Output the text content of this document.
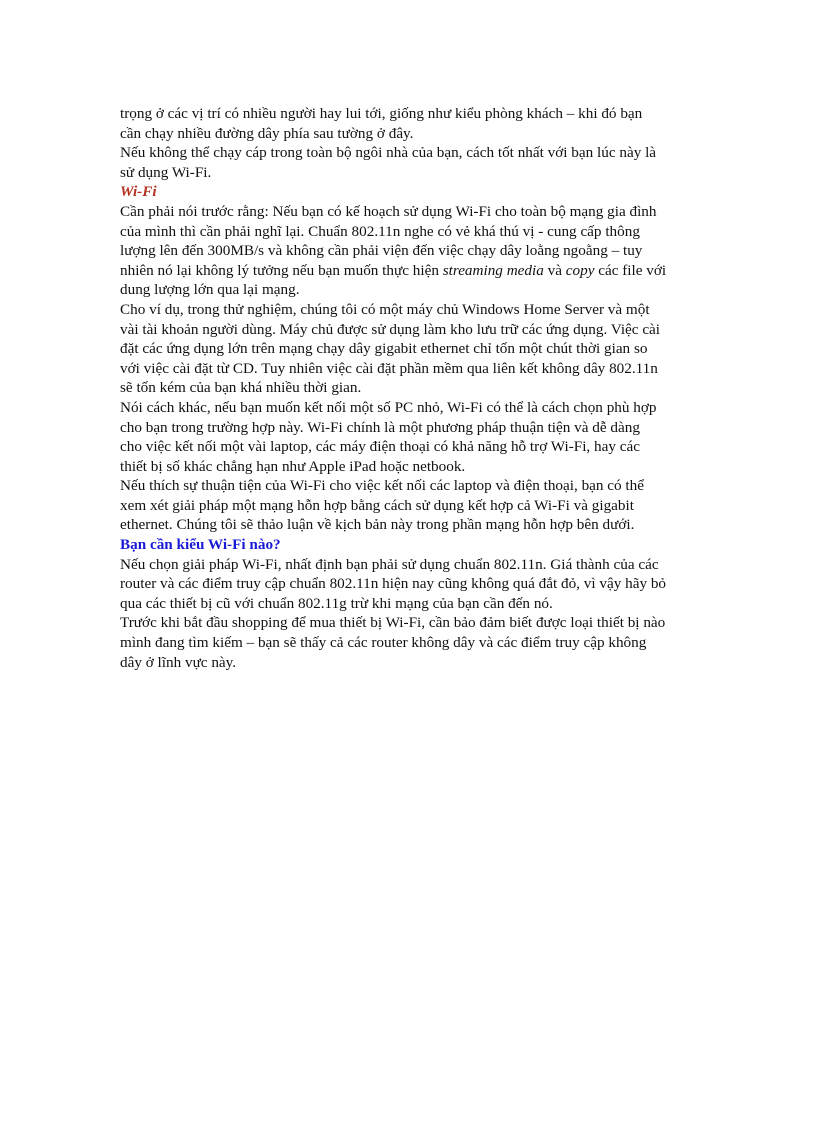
trọng ở các vị trí có nhiều người hay lui tới, giống như kiểu phòng khách – khi đó bạn
cần chạy nhiều đường dây phía sau tường ở đây.

Nếu không thể chạy cáp trong toàn bộ ngôi nhà của bạn, cách tốt nhất với bạn lúc này là
sử dụng Wi-Fi.

Wi-Fi

Cần phải nói trước rằng: Nếu bạn có kế hoạch sử dụng Wi-Fi cho toàn bộ mạng gia đình
của mình thì cần phải nghĩ lại. Chuẩn 802.11n nghe có vẻ khá thú vị - cung cấp thông
lượng lên đến 300MB/s và không cần phải viện đến việc chạy dây loằng ngoằng – tuy
nhiên nó lại không lý tưởng nếu bạn muốn thực hiện streaming media và copy các file với
dung lượng lớn qua lại mạng.

Cho ví dụ, trong thử nghiệm, chúng tôi có một máy chủ Windows Home Server và một
vài tài khoản người dùng. Máy chủ được sử dụng làm kho lưu trữ các ứng dụng. Việc cài
đặt các ứng dụng lớn trên mạng chạy dây gigabit ethernet chỉ tốn một chút thời gian so
với việc cài đặt từ CD. Tuy nhiên việc cài đặt phần mềm qua liên kết không dây 802.11n
sẽ tốn kém của bạn khá nhiều thời gian.

Nói cách khác, nếu bạn muốn kết nối một số PC nhỏ, Wi-Fi có thể là cách chọn phù hợp
cho bạn trong trường hợp này. Wi-Fi chính là một phương pháp thuận tiện và dễ dàng
cho việc kết nối một vài laptop, các máy điện thoại có khả năng hỗ trợ Wi-Fi, hay các
thiết bị số khác chẳng hạn như Apple iPad hoặc netbook.

Nếu thích sự thuận tiện của Wi-Fi cho việc kết nối các laptop và điện thoại, bạn có thể
xem xét giải pháp một mạng hỗn hợp bằng cách sử dụng kết hợp cả Wi-Fi và gigabit
ethernet. Chúng tôi sẽ thảo luận về kịch bản này trong phần mạng hỗn hợp bên dưới.

Bạn cần kiểu Wi-Fi nào?

Nếu chọn giải pháp Wi-Fi, nhất định bạn phải sử dụng chuẩn 802.11n. Giá thành của các
router và các điểm truy cập chuẩn 802.11n hiện nay cũng không quá đắt đỏ, vì vậy hãy bỏ
qua các thiết bị cũ với chuẩn 802.11g trừ khi mạng của bạn cần đến nó.

Trước khi bắt đầu shopping để mua thiết bị Wi-Fi, cần bảo đảm biết được loại thiết bị nào
mình đang tìm kiếm – bạn sẽ thấy cả các router không dây và các điểm truy cập không
dây ở lĩnh vực này.
